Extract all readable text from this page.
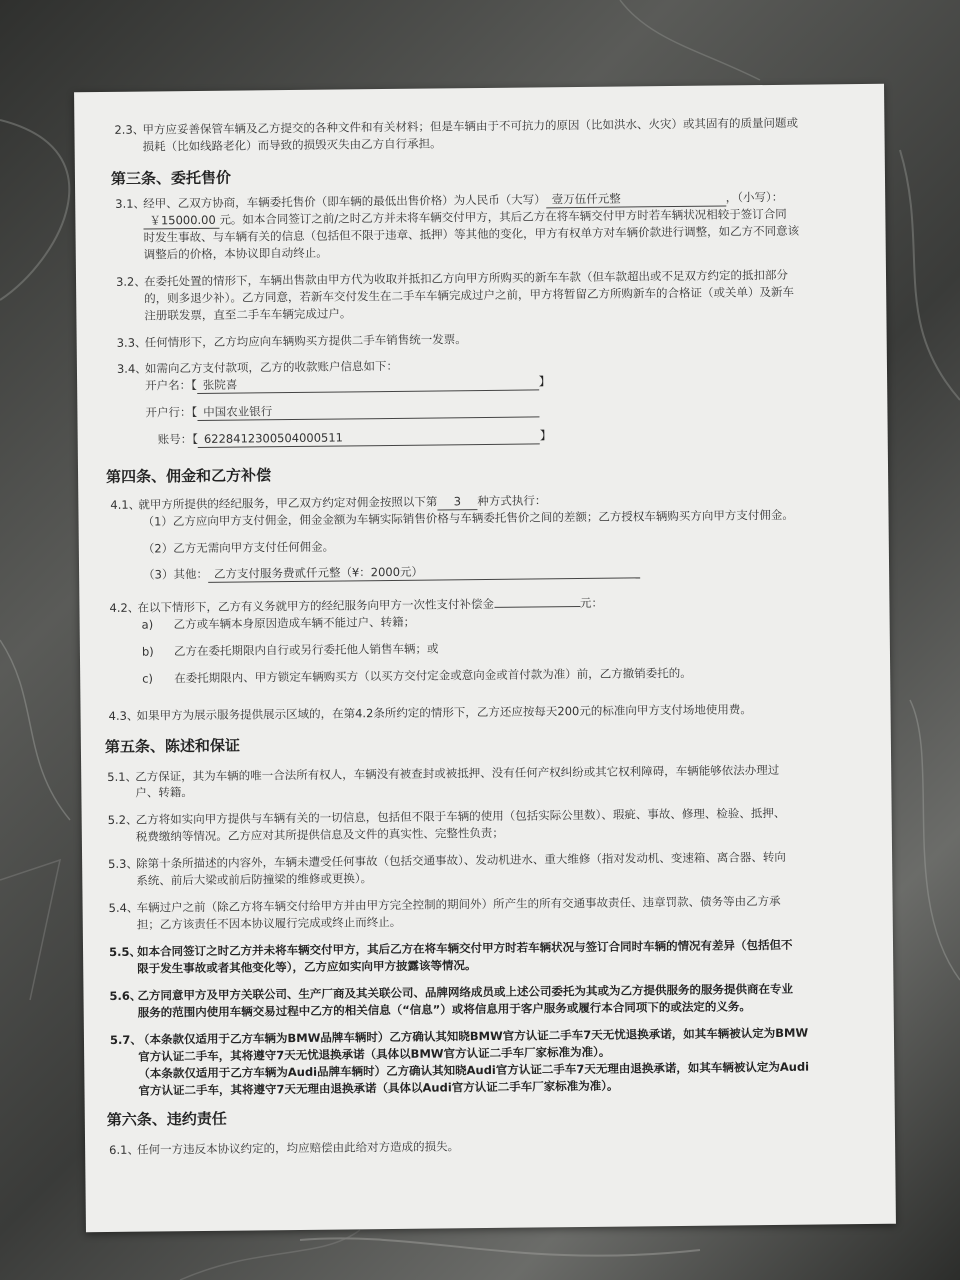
2.3、甲方应妥善保管车辆及乙方提交的各种文件和有关材料；但是车辆由于不可抗力的原因（比如洪水、火灾）或其固有的质量问题或
损耗（比如线路老化）而导致的损毁灭失由乙方自行承担。
第三条、委托售价
3.1、经甲、乙双方协商，车辆委托售价（即车辆的最低出售价格）为人民币（大写） 壹万伍仟元整	，（小写）：
￥15000.00 元。如本合同签订之前/之时乙方并未将车辆交付甲方，其后乙方在将车辆交付甲方时若车辆状况相较于签订合同
时发生事故、与车辆有关的信息（包括但不限于违章、抵押）等其他的变化，甲方有权单方对车辆价款进行调整，如乙方不同意该
调整后的价格，本协议即自动终止。
3.2、在委托处置的情形下，车辆出售款由甲方代为收取并抵扣乙方向甲方所购买的新车车款（但车款超出或不足双方约定的抵扣部分
的，则多退少补）。乙方同意，若新车交付发生在二手车车辆完成过户之前，甲方将暂留乙方所购新车的合格证（或关单）及新车
注册联发票，直至二手车车辆完成过户。
3.3、任何情形下，乙方均应向车辆购买方提供二手车销售统一发票。
3.4、如需向乙方支付款项，乙方的收款账户信息如下：
开户名：【 张院喜	】
开户行：【 中国农业银行
账号：【 6228412300504000511	】
第四条、佣金和乙方补偿
4.1、就甲方所提供的经纪服务，甲乙双方约定对佣金按照以下第 3 种方式执行：
（1）乙方应向甲方支付佣金，佣金金额为车辆实际销售价格与车辆委托售价之间的差额；乙方授权车辆购买方向甲方支付佣金。
（2）乙方无需向甲方支付任何佣金。
（3）其他： 乙方支付服务费贰仟元整（¥：2000元）
4.2、在以下情形下，乙方有义务就甲方的经纪服务向甲方一次性支付补偿金	元：
a) 乙方或车辆本身原因造成车辆不能过户、转籍；
b) 乙方在委托期限内自行或另行委托他人销售车辆；或
c) 在委托期限内、甲方锁定车辆购买方（以买方交付定金或意向金或首付款为准）前，乙方撤销委托的。
4.3、如果甲方为展示服务提供展示区域的，在第4.2条所约定的情形下，乙方还应按每天200元的标准向甲方支付场地使用费。
第五条、陈述和保证
5.1、乙方保证，其为车辆的唯一合法所有权人，车辆没有被查封或被抵押、没有任何产权纠纷或其它权利障碍，车辆能够依法办理过
户、转籍。
5.2、乙方将如实向甲方提供与车辆有关的一切信息，包括但不限于车辆的使用（包括实际公里数）、瑕疵、事故、修理、检验、抵押、
税费缴纳等情况。乙方应对其所提供信息及文件的真实性、完整性负责；
5.3、除第十条所描述的内容外，车辆未遭受任何事故（包括交通事故）、发动机进水、重大维修（指对发动机、变速箱、离合器、转向
系统、前后大梁或前后防撞梁的维修或更换）。
5.4、车辆过户之前（除乙方将车辆交付给甲方并由甲方完全控制的期间外）所产生的所有交通事故责任、违章罚款、债务等由乙方承
担；乙方该责任不因本协议履行完成或终止而终止。
5.5、如本合同签订之时乙方并未将车辆交付甲方，其后乙方在将车辆交付甲方时若车辆状况与签订合同时车辆的情况有差异（包括但不
限于发生事故或者其他变化等），乙方应如实向甲方披露该等情况。
5.6、乙方同意甲方及甲方关联公司、生产厂商及其关联公司、品牌网络成员或上述公司委托为其或为乙方提供服务的服务提供商在专业
服务的范围内使用车辆交易过程中乙方的相关信息（“信息”）或将信息用于客户服务或履行本合同项下的或法定的义务。
5.7、（本条款仅适用于乙方车辆为BMW品牌车辆时）乙方确认其知晓BMW官方认证二手车7天无忧退换承诺，如其车辆被认定为BMW
官方认证二手车，其将遵守7天无忧退换承诺（具体以BMW官方认证二手车厂家标准为准）。
（本条款仅适用于乙方车辆为Audi品牌车辆时）乙方确认其知晓Audi官方认证二手车7天无理由退换承诺，如其车辆被认定为Audi
官方认证二手车，其将遵守7天无理由退换承诺（具体以Audi官方认证二手车厂家标准为准）。
第六条、违约责任
6.1、任何一方违反本协议约定的，均应赔偿由此给对方造成的损失。
